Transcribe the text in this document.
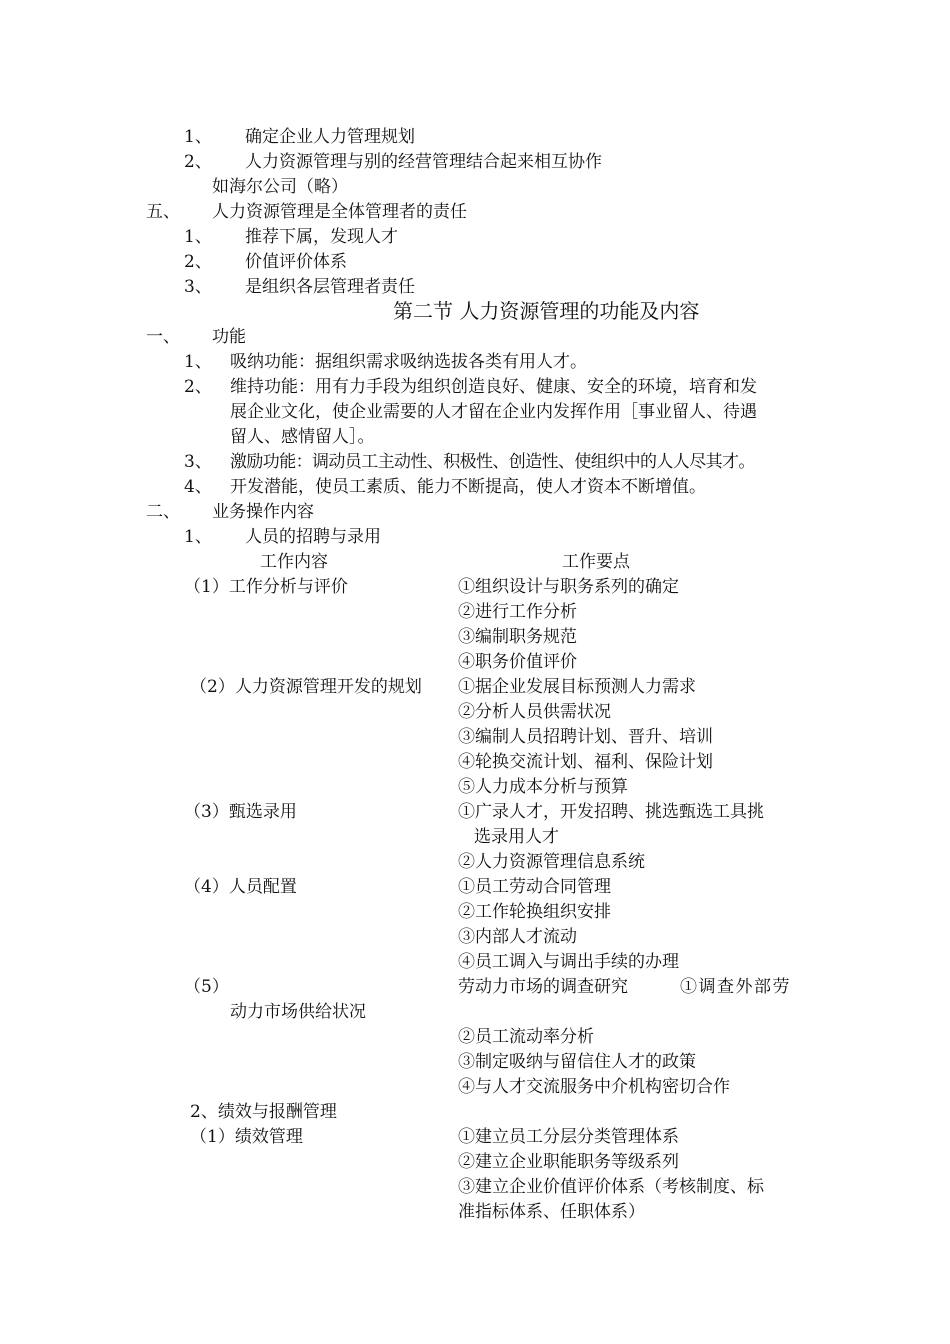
1、 确定企业人力管理规划
2、 人力资源管理与别的经营管理结合起来相互协作
如海尔公司（略）
五、 人力资源管理是全体管理者的责任
1、 推荐下属，发现人才
2、 价值评价体系
3、 是组织各层管理者责任
第二节 人力资源管理的功能及内容
一、 功能
1、 吸纳功能：据组织需求吸纳选拔各类有用人才。
2、 维持功能：用有力手段为组织创造良好、健康、安全的环境，培育和发
展企业文化，使企业需要的人才留在企业内发挥作用［事业留人、待遇
留人、感情留人］。
3、 激励功能：调动员工主动性、积极性、创造性、使组织中的人人尽其才。
4、 开发潜能，使员工素质、能力不断提高，使人才资本不断增值。
二、 业务操作内容
1、 人员的招聘与录用
工作内容	工作要点
（1）工作分析与评价	①组织设计与职务系列的确定
②进行工作分析
③编制职务规范
④职务价值评价
（2）人力资源管理开发的规划 ①据企业发展目标预测人力需求
②分析人员供需状况
③编制人员招聘计划、晋升、培训
④轮换交流计划、福利、保险计划
⑤人力成本分析与预算
（3）甄选录用	①广录人才，开发招聘、挑选甄选工具挑
选录用人才
②人力资源管理信息系统
（4）人员配置	①员工劳动合同管理
②工作轮换组织安排
③内部人才流动
④员工调入与调出手续的办理
（5）	劳动力市场的调查研究	①调查外部劳
动力市场供给状况
②员工流动率分析
③制定吸纳与留信住人才的政策
④与人才交流服务中介机构密切合作
2、绩效与报酬管理
（1）绩效管理	①建立员工分层分类管理体系
②建立企业职能职务等级系列
③建立企业价值评价体系（考核制度、标
准指标体系、任职体系）
